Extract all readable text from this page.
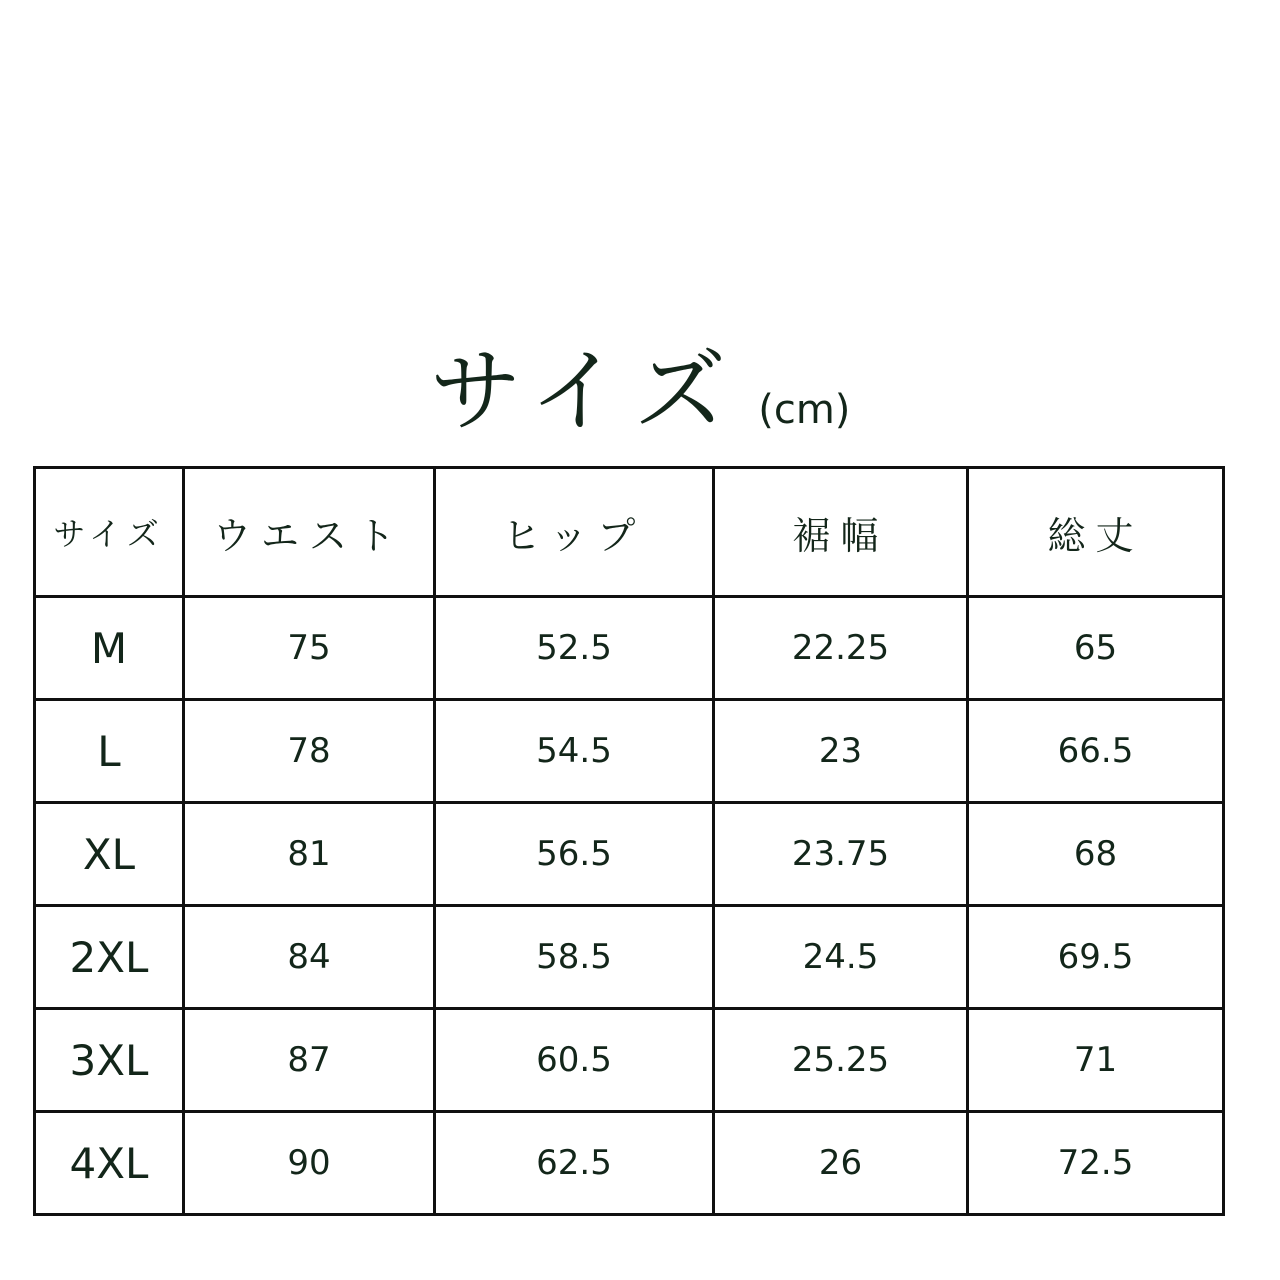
サイズ (cm)
サイズ	ウエスト	ヒップ	裾幅	総丈
M	75	52.5	22.25	65
L	78	54.5	23	66.5
XL	81	56.5	23.75	68
2XL	84	58.5	24.5	69.5
3XL	87	60.5	25.25	71
4XL	90	62.5	26	72.5
